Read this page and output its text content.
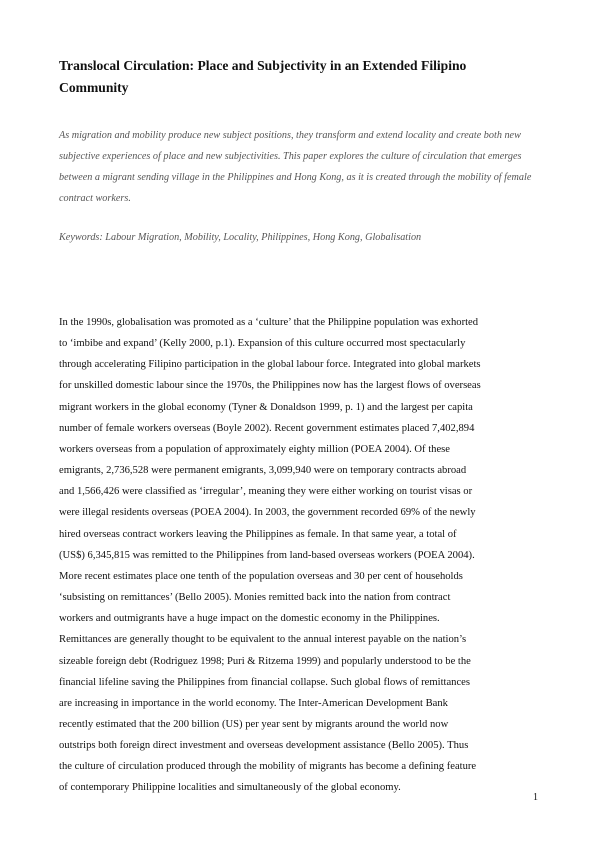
Translocal Circulation: Place and Subjectivity in an Extended Filipino Community

As migration and mobility produce new subject positions, they transform and extend locality and create both new subjective experiences of place and new subjectivities. This paper explores the culture of circulation that emerges between a migrant sending village in the Philippines and Hong Kong, as it is created through the mobility of female contract workers.

Keywords: Labour Migration, Mobility, Locality, Philippines, Hong Kong, Globalisation

In the 1990s, globalisation was promoted as a ‘culture’ that the Philippine population was exhorted
to ‘imbibe and expand’ (Kelly 2000, p.1). Expansion of this culture occurred most spectacularly
through accelerating Filipino participation in the global labour force. Integrated into global markets
for unskilled domestic labour since the 1970s, the Philippines now has the largest flows of overseas
migrant workers in the global economy (Tyner & Donaldson 1999, p. 1) and the largest per capita
number of female workers overseas (Boyle 2002). Recent government estimates placed 7,402,894
workers overseas from a population of approximately eighty million (POEA 2004). Of these
emigrants, 2,736,528 were permanent emigrants, 3,099,940 were on temporary contracts abroad
and 1,566,426 were classified as ‘irregular’, meaning they were either working on tourist visas or
were illegal residents overseas (POEA 2004). In 2003, the government recorded 69% of the newly
hired overseas contract workers leaving the Philippines as female. In that same year, a total of
(US$) 6,345,815 was remitted to the Philippines from land-based overseas workers (POEA 2004).
More recent estimates place one tenth of the population overseas and 30 per cent of households
‘subsisting on remittances’ (Bello 2005). Monies remitted back into the nation from contract
workers and outmigrants have a huge impact on the domestic economy in the Philippines.
Remittances are generally thought to be equivalent to the annual interest payable on the nation’s
sizeable foreign debt (Rodriguez 1998; Puri & Ritzema 1999) and popularly understood to be the
financial lifeline saving the Philippines from financial collapse. Such global flows of remittances
are increasing in importance in the world economy. The Inter-American Development Bank
recently estimated that the 200 billion (US) per year sent by migrants around the world now
outstrips both foreign direct investment and overseas development assistance (Bello 2005). Thus
the culture of circulation produced through the mobility of migrants has become a defining feature
of contemporary Philippine localities and simultaneously of the global economy.
1
